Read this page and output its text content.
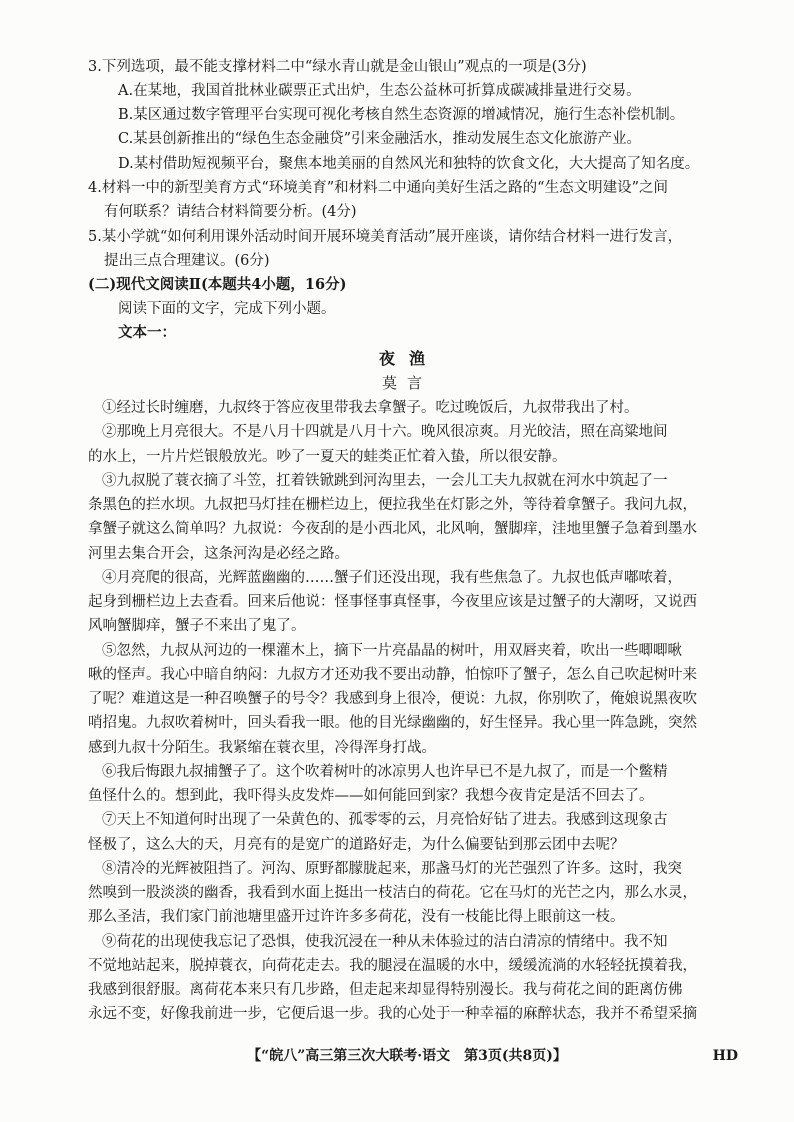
3.下列选项，最不能支撑材料二中“绿水青山就是金山银山”观点的一项是(3分)
A.在某地，我国首批林业碳票正式出炉，生态公益林可折算成碳减排量进行交易。
B.某区通过数字管理平台实现可视化考核自然生态资源的增减情况，施行生态补偿机制。
C.某县创新推出的“绿色生态金融贷”引来金融活水，推动发展生态文化旅游产业。
D.某村借助短视频平台，聚焦本地美丽的自然风光和独特的饮食文化，大大提高了知名度。
4.材料一中的新型美育方式“环境美育”和材料二中通向美好生活之路的“生态文明建设”之间
有何联系？请结合材料简要分析。(4分)
5.某小学就“如何利用课外活动时间开展环境美育活动”展开座谈，请你结合材料一进行发言，
提出三点合理建议。(6分)
(二)现代文阅读Ⅱ(本题共4小题，16分)
阅读下面的文字，完成下列小题。
文本一：
夜渔
莫言
①经过长时缠磨，九叔终于答应夜里带我去拿蟹子。吃过晚饭后，九叔带我出了村。
②那晚上月亮很大。不是八月十四就是八月十六。晚风很凉爽。月光皎洁，照在高粱地间
的水上，一片片烂银般放光。吵了一夏天的蛙类正忙着入蛰，所以很安静。
③九叔脱了蓑衣摘了斗笠，扛着铁锨跳到河沟里去，一会儿工夫九叔就在河水中筑起了一
条黑色的拦水坝。九叔把马灯挂在栅栏边上，便拉我坐在灯影之外，等待着拿蟹子。我问九叔，
拿蟹子就这么简单吗？九叔说：今夜刮的是小西北风，北风响，蟹脚痒，洼地里蟹子急着到墨水
河里去集合开会，这条河沟是必经之路。
④月亮爬的很高，光辉蓝幽幽的……蟹子们还没出现，我有些焦急了。九叔也低声嘟哝着，
起身到栅栏边上去查看。回来后他说：怪事怪事真怪事，今夜里应该是过蟹子的大潮呀，又说西
风响蟹脚痒，蟹子不来出了鬼了。
⑤忽然，九叔从河边的一棵灌木上，摘下一片亮晶晶的树叶，用双唇夹着，吹出一些唧唧啾
啾的怪声。我心中暗自纳闷：九叔方才还劝我不要出动静，怕惊吓了蟹子，怎么自己吹起树叶来
了呢？难道这是一种召唤蟹子的号令？我感到身上很冷，便说：九叔，你别吹了，俺娘说黑夜吹
哨招鬼。九叔吹着树叶，回头看我一眼。他的目光绿幽幽的，好生怪异。我心里一阵急跳，突然
感到九叔十分陌生。我紧缩在蓑衣里，冷得浑身打战。
⑥我后悔跟九叔捕蟹子了。这个吹着树叶的冰凉男人也许早已不是九叔了，而是一个鳖精
鱼怪什么的。想到此，我吓得头皮发炸——如何能回到家？我想今夜肯定是活不回去了。
⑦天上不知道何时出现了一朵黄色的、孤零零的云，月亮恰好钻了进去。我感到这现象古
怪极了，这么大的天，月亮有的是宽广的道路好走，为什么偏要钻到那云团中去呢？
⑧清冷的光辉被阻挡了。河沟、原野都朦胧起来，那盏马灯的光芒强烈了许多。这时，我突
然嗅到一股淡淡的幽香，我看到水面上挺出一枝洁白的荷花。它在马灯的光芒之内，那么水灵，
那么圣洁，我们家门前池塘里盛开过许许多多荷花，没有一枝能比得上眼前这一枝。
⑨荷花的出现使我忘记了恐惧，使我沉浸在一种从未体验过的洁白清凉的情绪中。我不知
不觉地站起来，脱掉蓑衣，向荷花走去。我的腿浸在温暖的水中，缓缓流淌的水轻轻抚摸着我，
我感到很舒服。离荷花本来只有几步路，但走起来却显得特别漫长。我与荷花之间的距离仿佛
永远不变，好像我前进一步，它便后退一步。我的心处于一种幸福的麻醉状态，我并不希望采摘
【“皖八”高三第三次大联考·语文　第3页(共8页)】	HD
